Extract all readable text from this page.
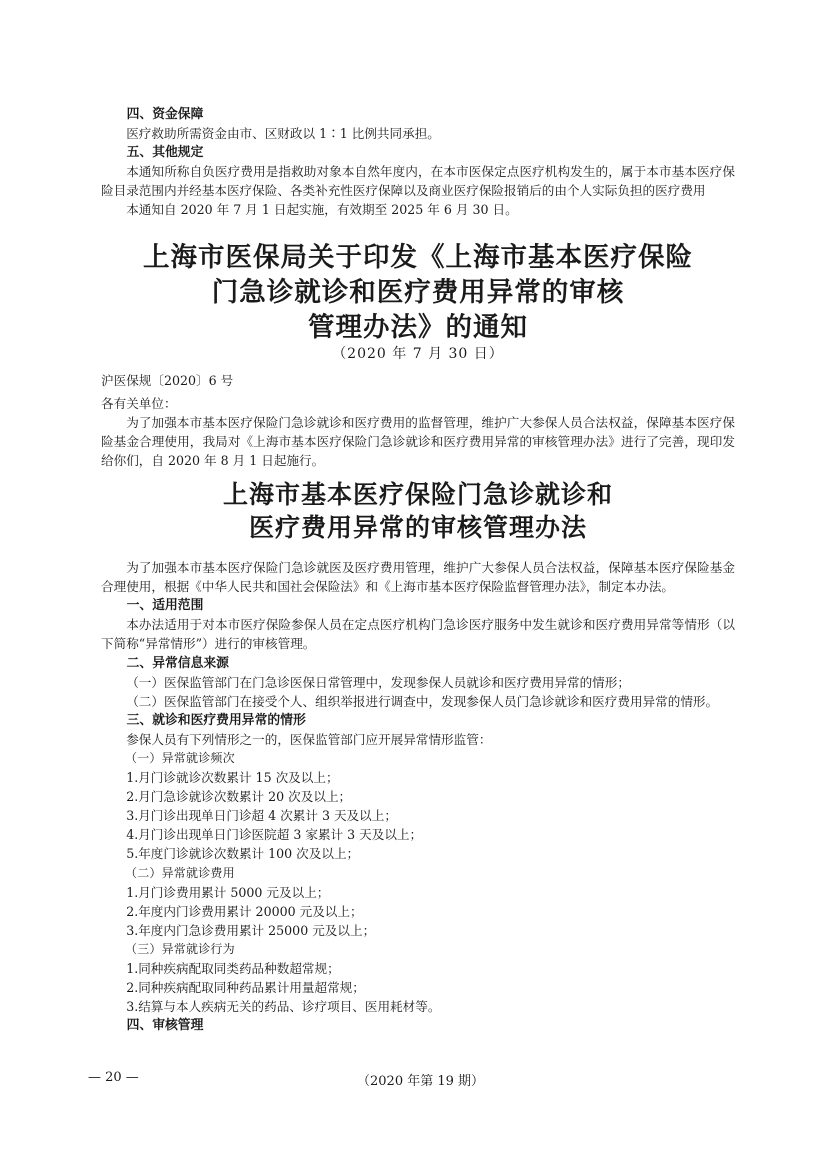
四、资金保障

医疗救助所需资金由市、区财政以 1∶1 比例共同承担。

五、其他规定

本通知所称自负医疗费用是指救助对象本自然年度内，在本市医保定点医疗机构发生的，属于本市基本医疗保险目录范围内并经基本医疗保险、各类补充性医疗保障以及商业医疗保险报销后的由个人实际负担的医疗费用

本通知自 2020 年 7 月 1 日起实施，有效期至 2025 年 6 月 30 日。

上海市医保局关于印发《上海市基本医疗保险
门急诊就诊和医疗费用异常的审核
管理办法》的通知

（2020 年 7 月 30 日）

沪医保规〔2020〕6 号

各有关单位：

为了加强本市基本医疗保险门急诊就诊和医疗费用的监督管理，维护广大参保人员合法权益，保障基本医疗保险基金合理使用，我局对《上海市基本医疗保险门急诊就诊和医疗费用异常的审核管理办法》进行了完善，现印发给你们，自 2020 年 8 月 1 日起施行。

上海市基本医疗保险门急诊就诊和
医疗费用异常的审核管理办法

为了加强本市基本医疗保险门急诊就医及医疗费用管理，维护广大参保人员合法权益，保障基本医疗保险基金合理使用，根据《中华人民共和国社会保险法》和《上海市基本医疗保险监督管理办法》，制定本办法。

一、适用范围

本办法适用于对本市医疗保险参保人员在定点医疗机构门急诊医疗服务中发生就诊和医疗费用异常等情形（以下简称“异常情形”）进行的审核管理。

二、异常信息来源

（一）医保监管部门在门急诊医保日常管理中，发现参保人员就诊和医疗费用异常的情形；

（二）医保监管部门在接受个人、组织举报进行调查中，发现参保人员门急诊就诊和医疗费用异常的情形。

三、就诊和医疗费用异常的情形

参保人员有下列情形之一的，医保监管部门应开展异常情形监管：

（一）异常就诊频次

1.月门诊就诊次数累计 15 次及以上；

2.月门急诊就诊次数累计 20 次及以上；

3.月门诊出现单日门诊超 4 次累计 3 天及以上；

4.月门诊出现单日门诊医院超 3 家累计 3 天及以上；

5.年度门诊就诊次数累计 100 次及以上；

（二）异常就诊费用

1.月门诊费用累计 5000 元及以上；

2.年度内门诊费用累计 20000 元及以上；

3.年度内门急诊费用累计 25000 元及以上；

（三）异常就诊行为

1.同种疾病配取同类药品种数超常规；

2.同种疾病配取同种药品累计用量超常规；

3.结算与本人疾病无关的药品、诊疗项目、医用耗材等。

四、审核管理

— 20 —	（2020 年第 19 期）
